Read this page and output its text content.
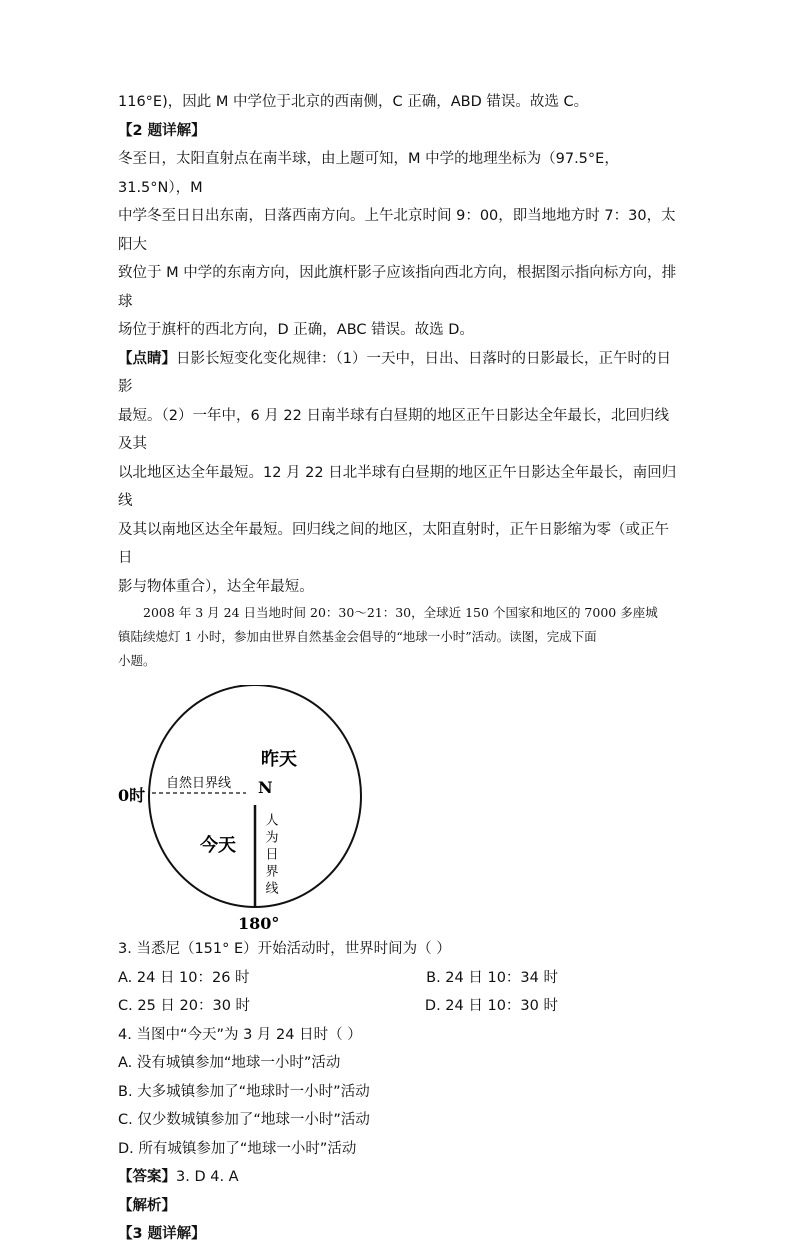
116°E)，因此 M 中学位于北京的西南侧，C 正确，ABD 错误。故选 C。

【2 题详解】

冬至日，太阳直射点在南半球，由上题可知，M 中学的地理坐标为（97.5°E，31.5°N），M

中学冬至日日出东南，日落西南方向。上午北京时间 9：00，即当地地方时 7：30，太阳大

致位于 M 中学的东南方向，因此旗杆影子应该指向西北方向，根据图示指向标方向，排球

场位于旗杆的西北方向，D 正确，ABC 错误。故选 D。

【点睛】日影长短变化变化规律：（1）一天中，日出、日落时的日影最长，正午时的日影

最短。（2）一年中，6 月 22 日南半球有白昼期的地区正午日影达全年最长，北回归线及其

以北地区达全年最短。12 月 22 日北半球有白昼期的地区正午日影达全年最长，南回归线

及其以南地区达全年最短。回归线之间的地区，太阳直射时，正午日影缩为零（或正午日

影与物体重合），达全年最短。

2008 年 3 月 24 日当地时间 20：30～21：30，全球近 150 个国家和地区的 7000 多座城

镇陆续熄灯 1 小时，参加由世界自然基金会倡导的“地球一小时”活动。读图，完成下面

小题。

昨天
自然日界线 N
0时
今天 人为日界线
180°

3. 当悉尼（151° E）开始活动时，世界时间为（ ）

A. 24 日 10：26 时	B. 24 日 10：34 时
C. 25 日 20：30 时	D. 24 日 10：30 时

4. 当图中“今天”为 3 月 24 日时（ ）

A. 没有城镇参加“地球一小时”活动

B. 大多城镇参加了“地球时一小时”活动

C. 仅少数城镇参加了“地球一小时”活动

D. 所有城镇参加了“地球一小时”活动

【答案】3. D 4. A

【解析】

【3 题详解】
